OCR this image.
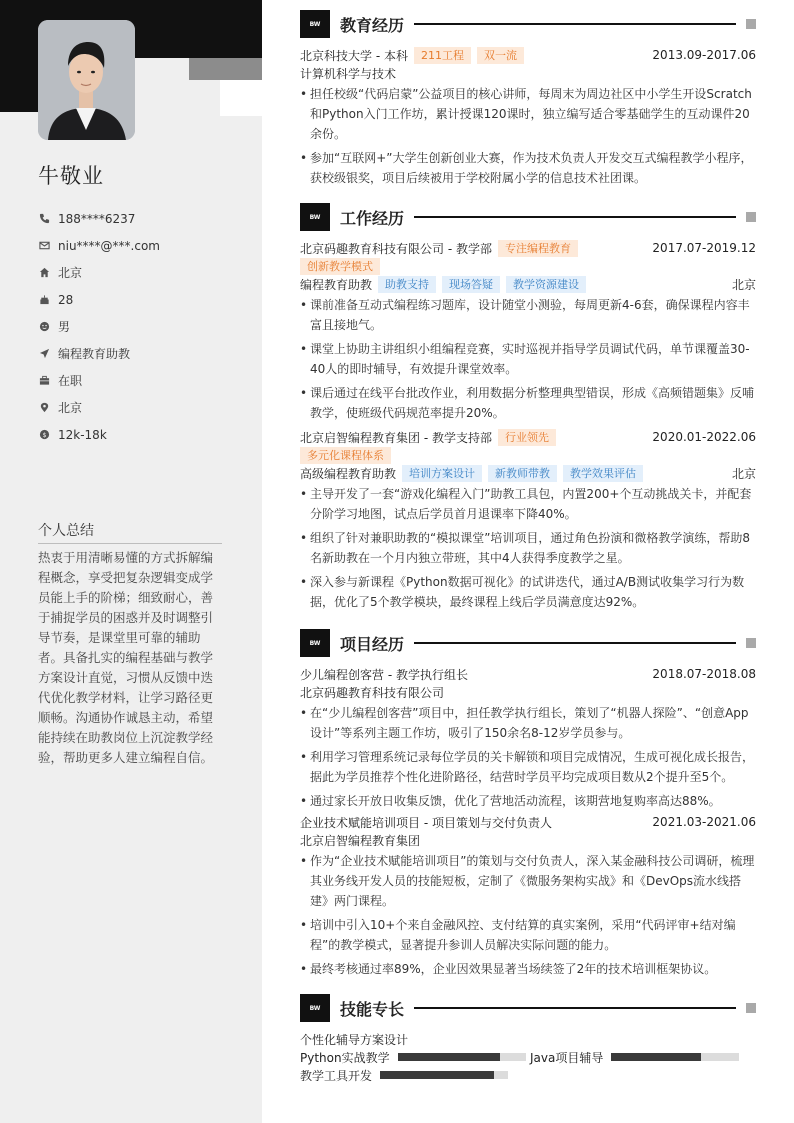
牛敬业
188****6237
niu****@***.com
北京
28
男
编程教育助教
在职
北京
$ 12k-18k
个人总结
热衷于用清晰易懂的方式拆解编程概念，享受把复杂逻辑变成学员能上手的阶梯；细致耐心，善于捕捉学员的困惑并及时调整引导节奏，是课堂里可靠的辅助者。具备扎实的编程基础与教学方案设计直觉，习惯从反馈中迭代优化教学材料，让学习路径更顺畅。沟通协作诚恳主动，希望能持续在助教岗位上沉淀教学经验，帮助更多人建立编程自信。
BW	教育经历
北京科技大学 - 本科	211工程	双一流	2013.09-2017.06
计算机科学与技术
• 担任校级“代码启蒙”公益项目的核心讲师，每周末为周边社区中小学生开设Scratch和Python入门工作坊，累计授课120课时，独立编写适合零基础学生的互动课件20余份。
• 参加“互联网+”大学生创新创业大赛，作为技术负责人开发交互式编程教学小程序，获校级银奖，项目后续被用于学校附属小学的信息技术社团课。
BW	工作经历
北京码趣教育科技有限公司 - 教学部	专注编程教育	2017.07-2019.12
创新教学模式
编程教育助教	助教支持	现场答疑	教学资源建设	北京
• 课前准备互动式编程练习题库，设计随堂小测验，每周更新4-6套，确保课程内容丰富且接地气。
• 课堂上协助主讲组织小组编程竞赛，实时巡视并指导学员调试代码，单节课覆盖30-40人的即时辅导，有效提升课堂效率。
• 课后通过在线平台批改作业，利用数据分析整理典型错误，形成《高频错题集》反哺教学，使班级代码规范率提升20%。
北京启智编程教育集团 - 教学支持部	行业领先	2020.01-2022.06
多元化课程体系
高级编程教育助教	培训方案设计	新教师带教	教学效果评估	北京
• 主导开发了一套“游戏化编程入门”助教工具包，内置200+个互动挑战关卡，并配套分阶学习地图，试点后学员首月退课率下降40%。
• 组织了针对兼职助教的“模拟课堂”培训项目，通过角色扮演和微格教学演练，帮助8名新助教在一个月内独立带班，其中4人获得季度教学之星。
• 深入参与新课程《Python数据可视化》的试讲迭代，通过A/B测试收集学习行为数据，优化了5个教学模块，最终课程上线后学员满意度达92%。
BW	项目经历
少儿编程创客营 - 教学执行组长	2018.07-2018.08
北京码趣教育科技有限公司
• 在“少儿编程创客营”项目中，担任教学执行组长，策划了“机器人探险”、“创意App设计”等系列主题工作坊，吸引了150余名8-12岁学员参与。
• 利用学习管理系统记录每位学员的关卡解锁和项目完成情况，生成可视化成长报告，据此为学员推荐个性化进阶路径，结营时学员平均完成项目数从2个提升至5个。
• 通过家长开放日收集反馈，优化了营地活动流程，该期营地复购率高达88%。
企业技术赋能培训项目 - 项目策划与交付负责人	2021.03-2021.06
北京启智编程教育集团
• 作为“企业技术赋能培训项目”的策划与交付负责人，深入某金融科技公司调研，梳理其业务线开发人员的技能短板，定制了《微服务架构实战》和《DevOps流水线搭建》两门课程。
• 培训中引入10+个来自金融风控、支付结算的真实案例，采用“代码评审+结对编程”的教学模式，显著提升参训人员解决实际问题的能力。
• 最终考核通过率89%，企业因效果显著当场续签了2年的技术培训框架协议。
BW	技能专长
个性化辅导方案设计
Python实战教学	Java项目辅导
教学工具开发
